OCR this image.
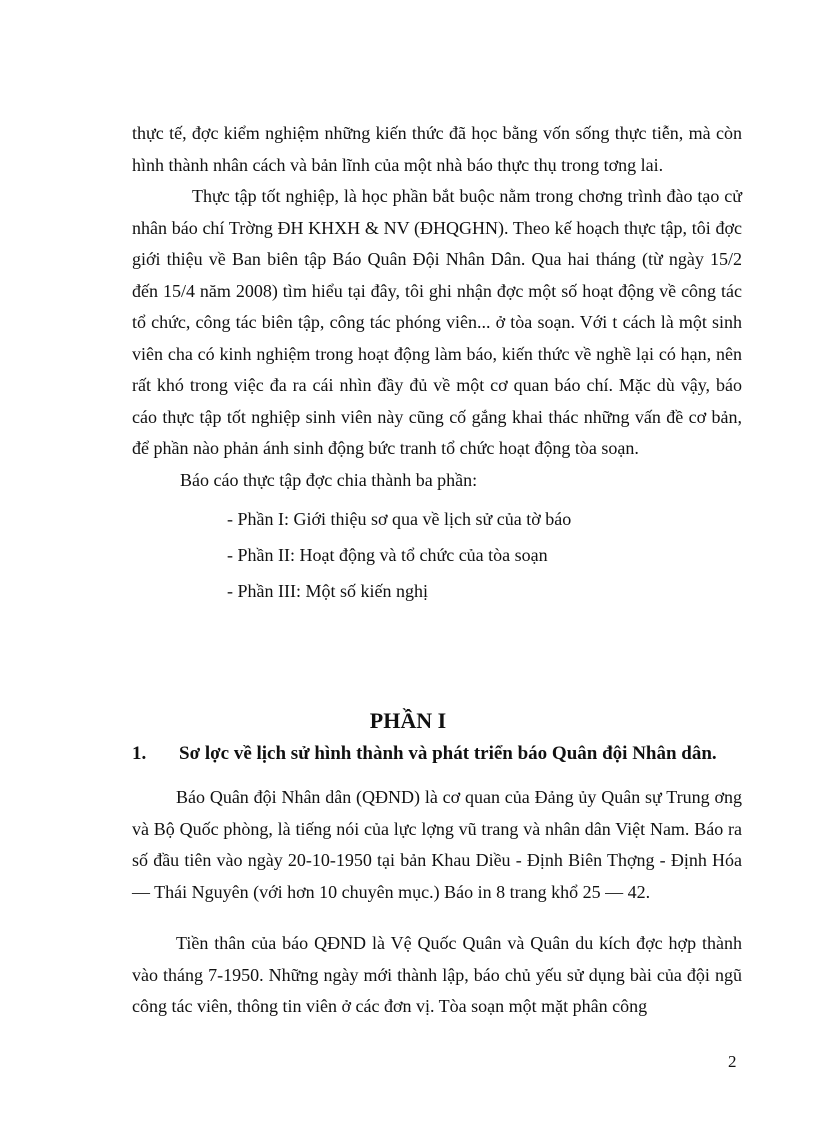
thực tế, đợc kiểm nghiệm những kiến thức đã học bằng vốn sống thực tiễn, mà còn hình thành nhân cách và bản lĩnh của một nhà báo thực thụ trong tơng lai.

Thực tập tốt nghiệp, là học phần bắt buộc nằm trong chơng trình đào tạo cử nhân báo chí Trờng ĐH KHXH & NV (ĐHQGHN). Theo kế hoạch thực tập, tôi đợc giới thiệu về Ban biên tập Báo Quân Đội Nhân Dân. Qua hai tháng (từ ngày 15/2 đến 15/4 năm 2008) tìm hiểu tại đây, tôi ghi nhận đợc một số hoạt động về công tác tổ chức, công tác biên tập, công tác phóng viên... ở tòa soạn. Với t cách là một sinh viên cha có kinh nghiệm trong hoạt động làm báo, kiến thức về nghề lại có hạn, nên rất khó trong việc đa ra cái nhìn đầy đủ về một cơ quan báo chí. Mặc dù vậy, báo cáo thực tập tốt nghiệp sinh viên này cũng cố gắng khai thác những vấn đề cơ bản, để phần nào phản ánh sinh động bức tranh tổ chức hoạt động tòa soạn.

Báo cáo thực tập đợc chia thành ba phần:

- Phần I: Giới thiệu sơ qua về lịch sử của tờ báo
- Phần II: Hoạt động và tổ chức của tòa soạn
- Phần III: Một số kiến nghị
PHẦN I
1. Sơ lợc về lịch sử hình thành và phát triển báo Quân đội Nhân dân.

Báo Quân đội Nhân dân (QĐND) là cơ quan của Đảng ủy Quân sự Trung ơng và Bộ Quốc phòng, là tiếng nói của lực lợng vũ trang và nhân dân Việt Nam. Báo ra số đầu tiên vào ngày 20-10-1950 tại bản Khau Diều - Định Biên Thợng - Định Hóa — Thái Nguyên (với hơn 10 chuyên mục.) Báo in 8 trang khổ 25 — 42.

Tiền thân của báo QĐND là Vệ Quốc Quân và Quân du kích đợc hợp thành vào tháng 7-1950. Những ngày mới thành lập, báo chủ yếu sử dụng bài của đội ngũ công tác viên, thông tin viên ở các đơn vị. Tòa soạn một mặt phân công

2
